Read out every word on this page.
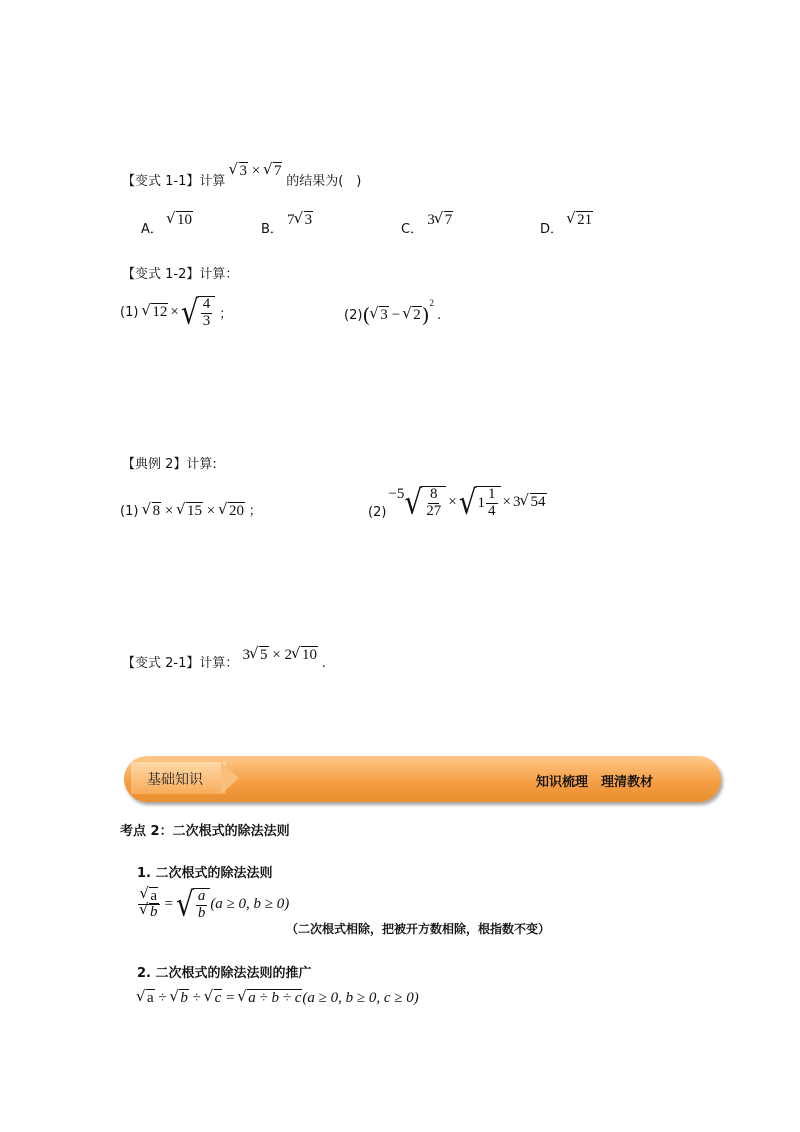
【变式 1-1】计算 √ 3 × √ 7 的结果为(　)
A． √ 10
B． 7 √ 3
C． 3 √ 7
D． √ 21
【变式 1-2】计算：
(1) √ 12 × √ $\frac{4}{3}$ ；	(2) ( √ 3 − √ 2 ) 2
.
【典例 2】计算:
(1) √ 8 × √ 15 × √ 20 ；	(2)
−5 √ $\frac{8}{27}$ × √ $1 \frac{1}{4} \times 3$ √ 54
【变式 2-1】计算： 3 √ 5 × 2 √ 10 .
基础知识	知识梳理　理清教材
考点 2：二次根式的除法法则
1. 二次根式的除法法则
√ a
√ b = √ $\frac{a}{b} (a \ge 0$, b ≥ 0)
（二次根式相除，把被开方数相除，根指数不变）
2. 二次根式的除法法则的推广
√ a ÷ √ b ÷ √ c = √ a ÷ b ÷ c(a ≥ 0, b ≥ 0, c ≥ 0)
